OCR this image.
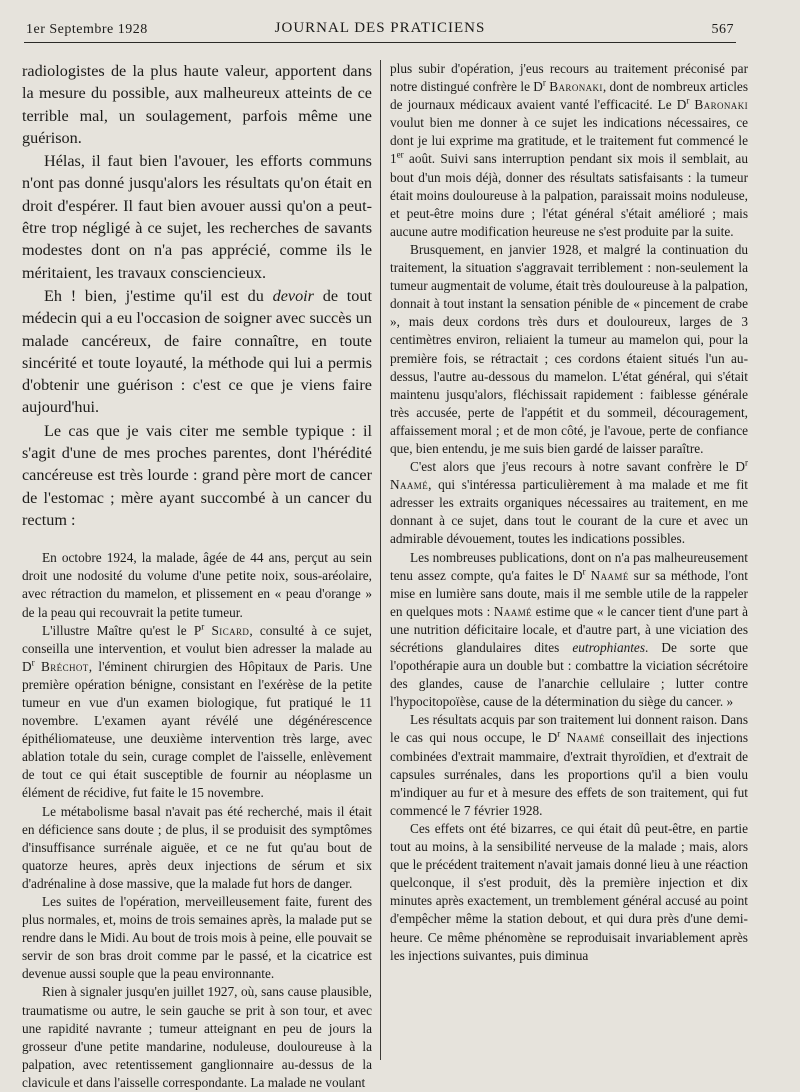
1er Septembre 1928	JOURNAL DES PRATICIENS	567

radiologistes de la plus haute valeur, apportent dans la mesure du possible, aux malheureux atteints de ce terrible mal, un soulagement, parfois même une guérison.

Hélas, il faut bien l'avouer, les efforts communs n'ont pas donné jusqu'alors les résultats qu'on était en droit d'espérer. Il faut bien avouer aussi qu'on a peut-être trop négligé à ce sujet, les recherches de savants modestes dont on n'a pas apprécié, comme ils le méritaient, les travaux consciencieux.

Eh ! bien, j'estime qu'il est du devoir de tout médecin qui a eu l'occasion de soigner avec succès un malade cancéreux, de faire connaître, en toute sincérité et toute loyauté, la méthode qui lui a permis d'obtenir une guérison : c'est ce que je viens faire aujourd'hui.

Le cas que je vais citer me semble typique : il s'agit d'une de mes proches parentes, dont l'hérédité cancéreuse est très lourde : grand père mort de cancer de l'estomac ; mère ayant succombé à un cancer du rectum :

En octobre 1924, la malade, âgée de 44 ans, perçut au sein droit une nodosité du volume d'une petite noix, sous-aréolaire, avec rétraction du mamelon, et plissement en « peau d'orange » de la peau qui recouvrait la petite tumeur.

L'illustre Maître qu'est le $P^r$ Sicard, consulté à ce sujet, conseilla une intervention, et voulut bien adresser la malade au $D^r$ Bréchot, l'éminent chirurgien des Hôpitaux de Paris. Une première opération bénigne, consistant en l'exérèse de la petite tumeur en vue d'un examen biologique, fut pratiqué le 11 novembre. L'examen ayant révélé une dégénérescence épithéliomateuse, une deuxième intervention très large, avec ablation totale du sein, curage complet de l'aisselle, enlèvement de tout ce qui était susceptible de fournir au néoplasme un élément de récidive, fut faite le 15 novembre.

Le métabolisme basal n'avait pas été recherché, mais il était en déficience sans doute ; de plus, il se produisit des symptômes d'insuffisance surrénale aiguëe, et ce ne fut qu'au bout de quatorze heures, après deux injections de sérum et six d'adrénaline à dose massive, que la malade fut hors de danger.

Les suites de l'opération, merveilleusement faite, furent des plus normales, et, moins de trois semaines après, la malade put se rendre dans le Midi. Au bout de trois mois à peine, elle pouvait se servir de son bras droit comme par le passé, et la cicatrice est devenue aussi souple que la peau environnante.

Rien à signaler jusqu'en juillet 1927, où, sans cause plausible, traumatisme ou autre, le sein gauche se prit à son tour, et avec une rapidité navrante ; tumeur atteignant en peu de jours la grosseur d'une petite mandarine, noduleuse, douloureuse à la palpation, avec retentissement ganglionnaire au-dessus de la clavicule et dans l'aisselle correspondante. La malade ne voulant

plus subir d'opération, j'eus recours au traitement préconisé par notre distingué confrère le $D^r$ Baronaki, dont de nombreux articles de journaux médicaux avaient vanté l'efficacité. Le $D^r$ Baronaki voulut bien me donner à ce sujet les indications nécessaires, ce dont je lui exprime ma gratitude, et le traitement fut commencé le 1er août. Suivi sans interruption pendant six mois il semblait, au bout d'un mois déjà, donner des résultats satisfaisants : la tumeur était moins douloureuse à la palpation, paraissait moins noduleuse, et peut-être moins dure ; l'état général s'était amélioré ; mais aucune autre modification heureuse ne s'est produite par la suite.

Brusquement, en janvier 1928, et malgré la continuation du traitement, la situation s'aggravait terriblement : non-seulement la tumeur augmentait de volume, était très douloureuse à la palpation, donnait à tout instant la sensation pénible de « pincement de crabe », mais deux cordons très durs et douloureux, larges de 3 centimètres environ, reliaient la tumeur au mamelon qui, pour la première fois, se rétractait ; ces cordons étaient situés l'un au-dessus, l'autre au-dessous du mamelon. L'état général, qui s'était maintenu jusqu'alors, fléchissait rapidement : faiblesse générale très accusée, perte de l'appétit et du sommeil, découragement, affaissement moral ; et de mon côté, je l'avoue, perte de confiance que, bien entendu, je me suis bien gardé de laisser paraître.

C'est alors que j'eus recours à notre savant confrère le $D^r$ Naamé, qui s'intéressa particulièrement à ma malade et me fit adresser les extraits organiques nécessaires au traitement, en me donnant à ce sujet, dans tout le courant de la cure et avec un admirable dévouement, toutes les indications possibles.

Les nombreuses publications, dont on n'a pas malheureusement tenu assez compte, qu'a faites le $D^r$ Naamé sur sa méthode, l'ont mise en lumière sans doute, mais il me semble utile de la rappeler en quelques mots : Naamé estime que « le cancer tient d'une part à une nutrition déficitaire locale, et d'autre part, à une viciation des sécrétions glandulaires dites eutrophiantes. De sorte que l'opothérapie aura un double but : combattre la viciation sécrétoire des glandes, cause de l'anarchie cellulaire ; lutter contre l'hypocitopoïèse, cause de la détermination du siège du cancer. »

Les résultats acquis par son traitement lui donnent raison. Dans le cas qui nous occupe, le $D^r$ Naamé conseillait des injections combinées d'extrait mammaire, d'extrait thyroïdien, et d'extrait de capsules surrénales, dans les proportions qu'il a bien voulu m'indiquer au fur et à mesure des effets de son traitement, qui fut commencé le 7 février 1928.

Ces effets ont été bizarres, ce qui était dû peut-être, en partie tout au moins, à la sensibilité nerveuse de la malade ; mais, alors que le précédent traitement n'avait jamais donné lieu à une réaction quelconque, il s'est produit, dès la première injection et dix minutes après exactement, un tremblement général accusé au point d'empêcher même la station debout, et qui dura près d'une demi-heure. Ce même phénomène se reproduisait invariablement après les injections suivantes, puis diminua
